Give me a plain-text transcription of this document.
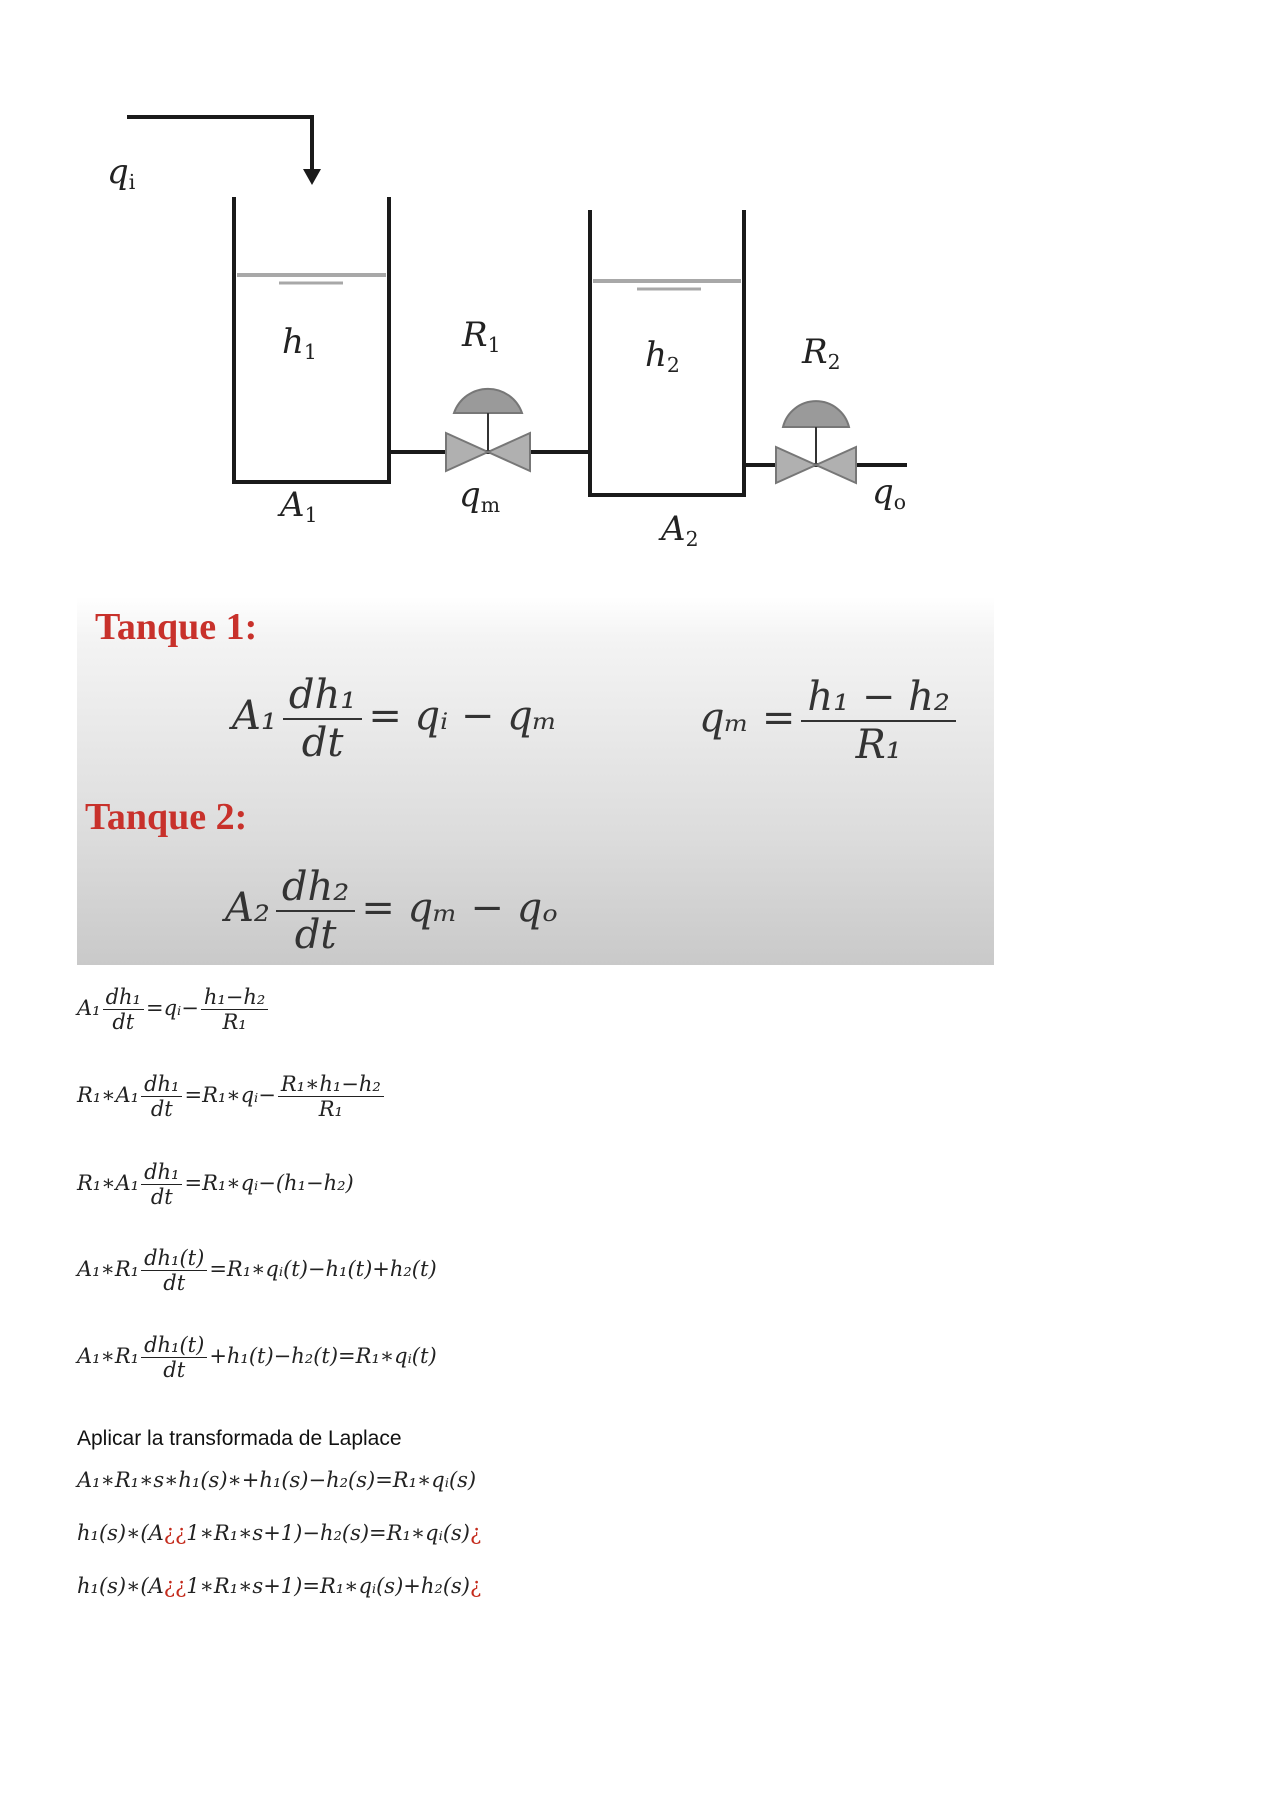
$q_i$
$h_1$	$R_1$	$h_2$	$R_2$
$A_1$
$q_m$
$A_2$
$q_o$
Tanque 1:
Tanque 2:
$A_1 \frac{\text{dh₁}}{dt}$ = qᵢ − qₘ	$q_m = \frac{\text{h₁ − h₂}}{\text{R₁}}$
$A_2 \frac{\text{dh₂}}{dt} = q_m - q_o$
$A_1 \frac{\text{dh₁}}{dt}$ =qᵢ− $\frac{\text{h₁−h₂}}{\text{R₁}}$
R₁∗A₁ $\frac{\text{dh₁}}{dt}$ =R₁∗qᵢ− $\frac{\text{R₁∗h₁−h₂}}{\text{R₁}}$
R₁∗A₁ $\frac{\text{dh₁}}{dt}$ =R₁∗qᵢ−(h₁−h₂)
A₁∗R₁ $\frac{\text{dh₁(t)}}{dt}$ =R₁∗qᵢ(t)−h₁(t)+h₂(t)
A₁∗R₁ $\frac{\text{dh₁(t)}}{dt}$ +h₁(t)−h₂(t)=R₁∗qᵢ(t)
Aplicar la transformada de Laplace
A₁∗R₁∗s∗h₁(s)∗+h₁(s)−h₂(s)=R₁∗qᵢ(s)
h₁(s)∗(A¿¿1∗R₁∗s+1)−h₂(s)=R₁∗qᵢ(s)¿
h₁(s)∗(A¿¿1∗R₁∗s+1)=R₁∗qᵢ(s)+h₂(s)¿
